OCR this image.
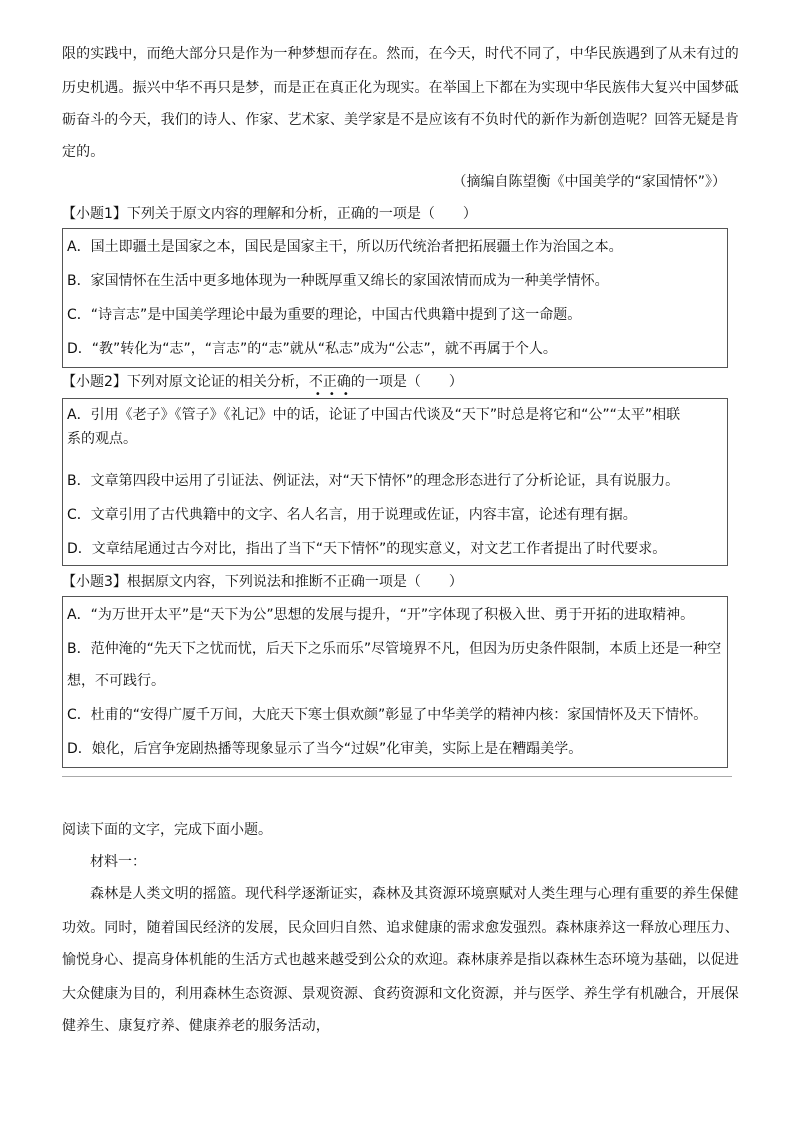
限的实践中，而绝大部分只是作为一种梦想而存在。然而，在今天，时代不同了，中华民族遇到了从未有过的
历史机遇。振兴中华不再只是梦，而是正在真正化为现实。在举国上下都在为实现中华民族伟大复兴中国梦砥
砺奋斗的今天，我们的诗人、作家、艺术家、美学家是不是应该有不负时代的新作为新创造呢？回答无疑是肯
定的。
（摘编自陈望衡《中国美学的“家国情怀”》）
【小题1】下列关于原文内容的理解和分析，正确的一项是（　　）
A．国土即疆土是国家之本，国民是国家主干，所以历代统治者把拓展疆土作为治国之本。
B．家国情怀在生活中更多地体现为一种既厚重又绵长的家国浓情而成为一种美学情怀。
C．“诗言志”是中国美学理论中最为重要的理论，中国古代典籍中提到了这一命题。
D．“教”转化为“志”，“言志”的“志”就从“私志”成为“公志”，就不再属于个人。
【小题2】下列对原文论证的相关分析，不正确
• • •
的一项是（　　）
A．引用《老子》《管子》《礼记》中的话，论证了中国古代谈及“天下”时总是将它和“公”“太平”相联
系的观点。
B．文章第四段中运用了引证法、例证法，对“天下情怀”的理念形态进行了分析论证，具有说服力。
C．文章引用了古代典籍中的文字、名人名言，用于说理或佐证，内容丰富，论述有理有据。
D．文章结尾通过古今对比，指出了当下“天下情怀”的现实意义，对文艺工作者提出了时代要求。
【小题3】根据原文内容，下列说法和推断不正确一项是（　　）
A．“为万世开太平”是“天下为公”思想的发展与提升，“开”字体现了积极入世、勇于开拓的进取精神。
B．范仲淹的“先天下之忧而忧，后天下之乐而乐”尽管境界不凡，但因为历史条件限制，本质上还是一种空
想，不可践行。
C．杜甫的“安得广厦千万间，大庇天下寒士俱欢颜”彰显了中华美学的精神内核：家国情怀及天下情怀。
D．娘化，后宫争宠剧热播等现象显示了当今“过娱”化审美，实际上是在糟蹋美学。
阅读下面的文字，完成下面小题。
材料一：
森林是人类文明的摇篮。现代科学逐渐证实，森林及其资源环境禀赋对人类生理与心理有重要的养生保健
功效。同时，随着国民经济的发展，民众回归自然、追求健康的需求愈发强烈。森林康养这一释放心理压力、
愉悦身心、提高身体机能的生活方式也越来越受到公众的欢迎。森林康养是指以森林生态环境为基础，以促进
大众健康为目的，利用森林生态资源、景观资源、食药资源和文化资源，并与医学、养生学有机融合，开展保
健养生、康复疗养、健康养老的服务活动，
